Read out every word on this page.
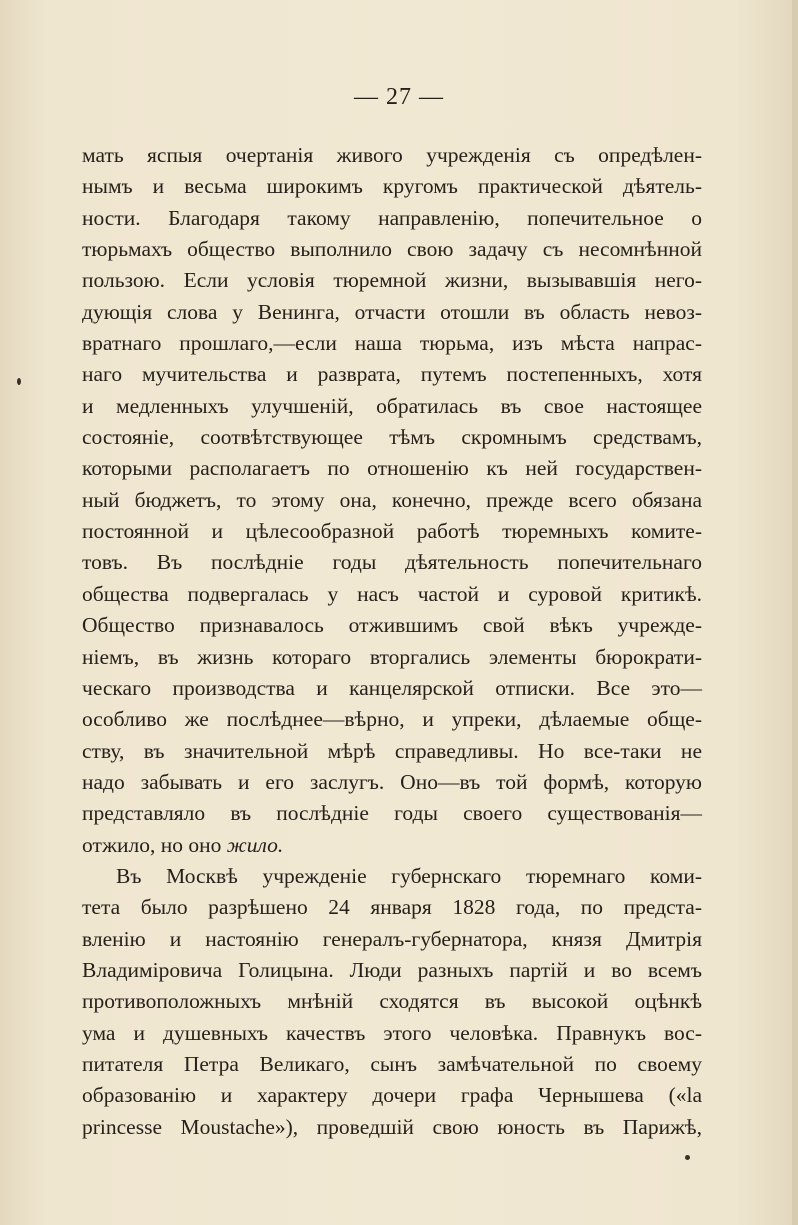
— 27 —
мать яспыя очертанія живого учрежденія съ опредѣлен-
нымъ и весьма широкимъ кругомъ практической дѣятель-
ности. Благодаря такому направленію, попечительное о
тюрьмахъ общество выполнило свою задачу съ несомнѣнной
пользою. Если условія тюремной жизни, вызывавшія него-
дующія слова у Венинга, отчасти отошли въ область невоз-
вратнаго прошлаго,—если наша тюрьма, изъ мѣста напрас-
наго мучительства и разврата, путемъ постепенныхъ, хотя
и медленныхъ улучшеній, обратилась въ свое настоящее
состояніе, соотвѣтствующее тѣмъ скромнымъ средствамъ,
которыми располагаетъ по отношенію къ ней государствен-
ный бюджетъ, то этому она, конечно, прежде всего обязана
постоянной и цѣлесообразной работѣ тюремныхъ комите-
товъ. Въ послѣдніе годы дѣятельность попечительнаго
общества подвергалась у насъ частой и суровой критикѣ.
Общество признавалось отжившимъ свой вѣкъ учрежде-
ніемъ, въ жизнь котораго вторгались элементы бюрократи-
ческаго производства и канцелярской отписки. Все это—
особливо же послѣднее—вѣрно, и упреки, дѣлаемые обще-
ству, въ значительной мѣрѣ справедливы. Но все-таки не
надо забывать и его заслугъ. Оно—въ той формѣ, которую
представляло въ послѣдніе годы своего существованія—
отжило, но оно жило.
Въ Москвѣ учрежденіе губернскаго тюремнаго коми-
тета было разрѣшено 24 января 1828 года, по предста-
вленію и настоянію генералъ-губернатора, князя Дмитрія
Владиміровича Голицына. Люди разныхъ партій и во всемъ
противоположныхъ мнѣній сходятся въ высокой оцѣнкѣ
ума и душевныхъ качествъ этого человѣка. Правнукъ вос-
питателя Петра Великаго, сынъ замѣчательной по своему
образованію и характеру дочери графа Чернышева («la
princesse Moustache»), проведшій свою юность въ Парижѣ,
